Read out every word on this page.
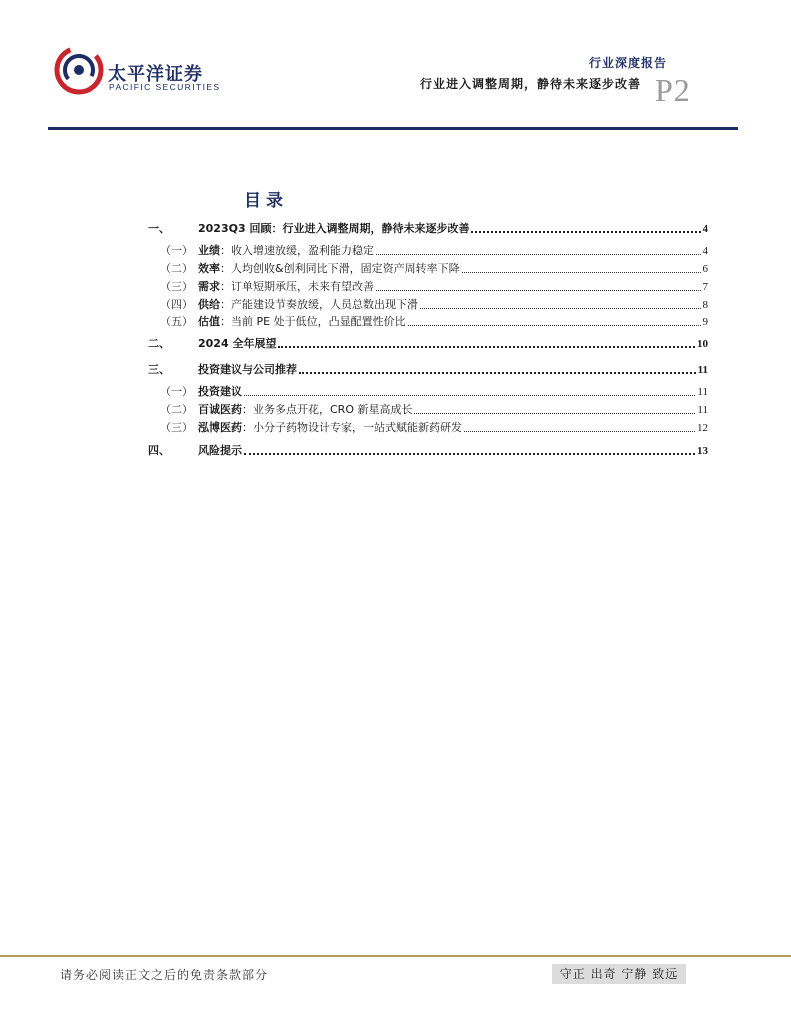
太平洋证券
PACIFIC SECURITIES
行业深度报告
行业进入调整周期，静待未来逐步改善 P2
目录
一、	2023Q3 回顾：行业进入调整周期，静待未来逐步改善	4
（一） 业绩：收入增速放缓，盈利能力稳定	4
（二） 效率：人均创收&创利同比下滑，固定资产周转率下降	6
（三） 需求：订单短期承压，未来有望改善	7
（四） 供给：产能建设节奏放缓，人员总数出现下滑	8
（五） 估值：当前 PE 处于低位，凸显配置性价比	9
二、	2024 全年展望	10
三、	投资建议与公司推荐	11
（一） 投资建议	11
（二） 百诚医药：业务多点开花，CRO 新星高成长	11
（三） 泓博医药：小分子药物设计专家，一站式赋能新药研发	12
四、	风险提示	13
请务必阅读正文之后的免责条款部分	守正 出奇 宁静 致远
